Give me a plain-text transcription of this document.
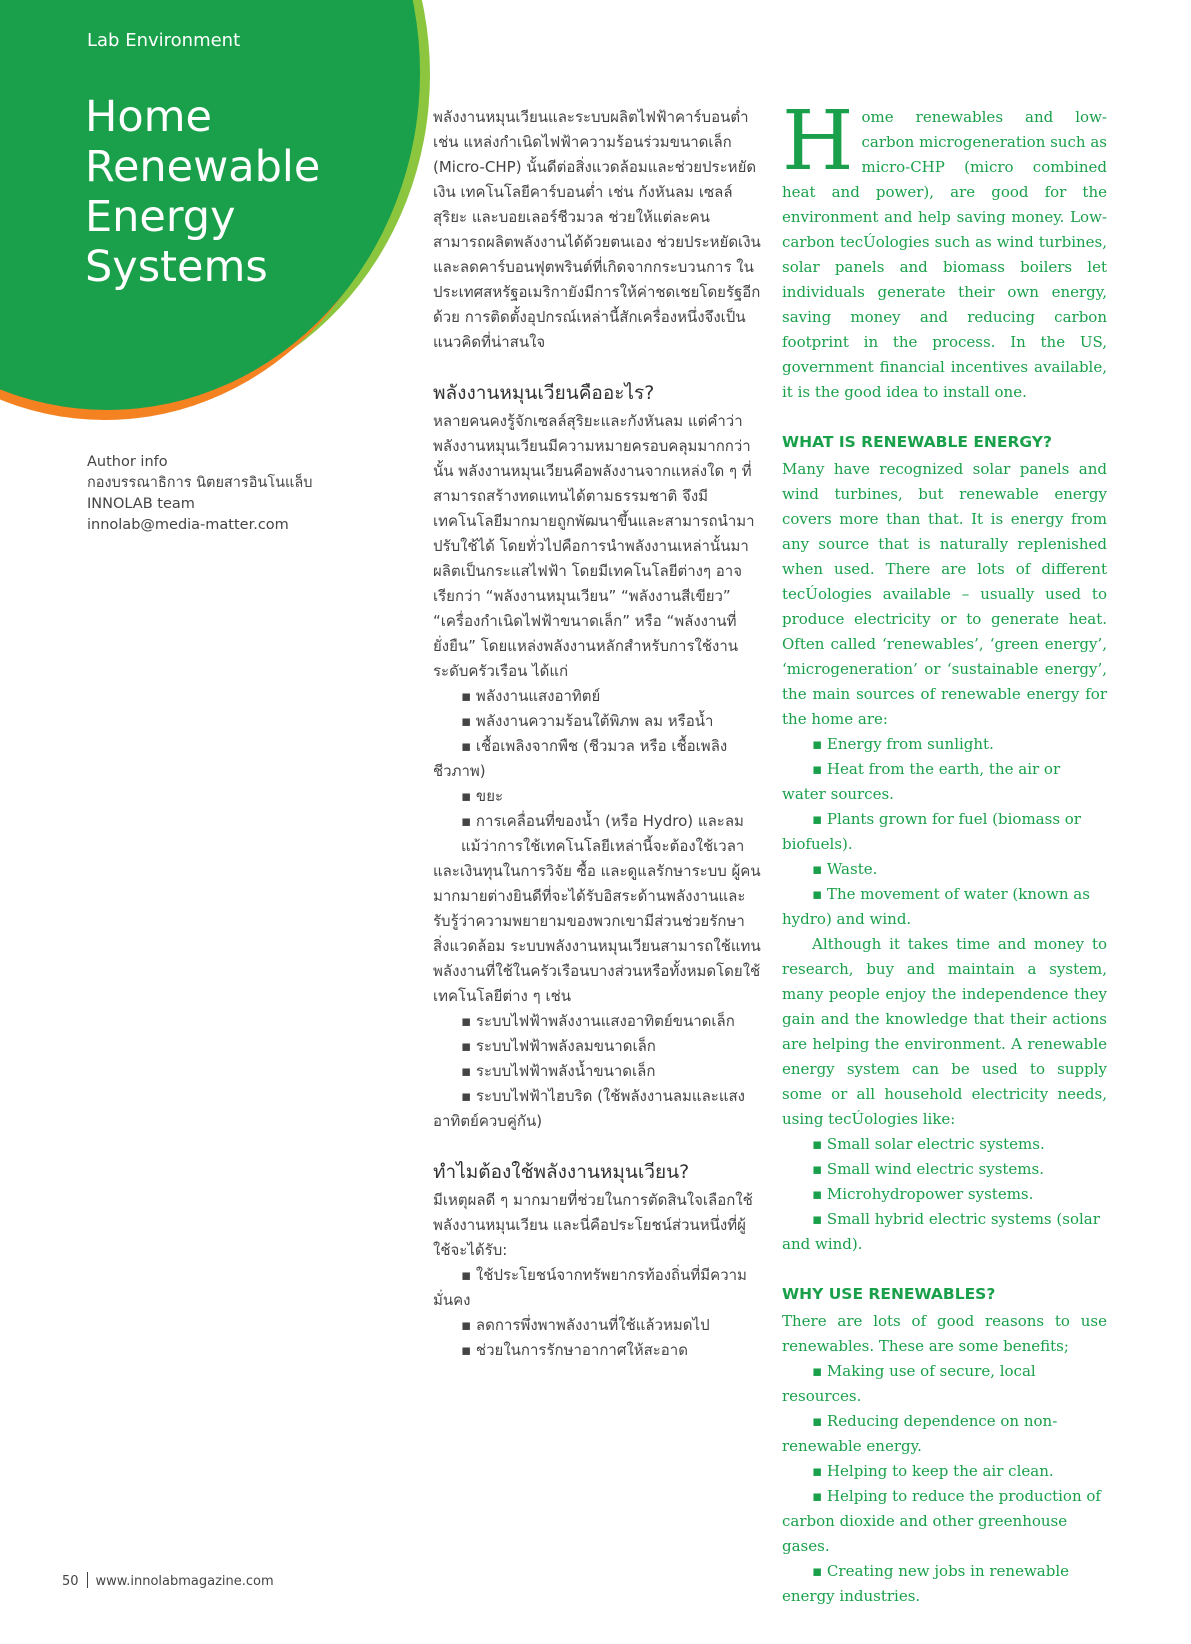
Lab Environment
Home
Renewable
Energy
Systems
Author info
กองบรรณาธิการ นิตยสารอินโนแล็บ
INNOLAB team
innolab@media-matter.com

พลังงานหมุนเวียนและระบบผลิตไฟฟ้าคาร์บอนต่ำ เช่น แหล่งกำเนิดไฟฟ้าความร้อนร่วมขนาดเล็ก (Micro-CHP) นั้นดีต่อสิ่งแวดล้อมและช่วยประหยัดเงิน เทคโนโลยีคาร์บอนต่ำ เช่น กังหันลม เซลล์สุริยะ และบอยเลอร์ชีวมวล ช่วยให้แต่ละคนสามารถผลิตพลังงานได้ด้วยตนเอง ช่วยประหยัดเงิน และลดคาร์บอนฟุตพรินต์ที่เกิดจากกระบวนการ ในประเทศสหรัฐอเมริกายังมีการให้ค่าชดเชยโดยรัฐอีกด้วย การติดตั้งอุปกรณ์เหล่านี้สักเครื่องหนึ่งจึงเป็นแนวคิดที่น่าสนใจ

พลังงานหมุนเวียนคืออะไร?

หลายคนคงรู้จักเซลล์สุริยะและกังหันลม แต่คำว่าพลังงานหมุนเวียนมีความหมายครอบคลุมมากกว่านั้น พลังงานหมุนเวียนคือพลังงานจากแหล่งใด ๆ ที่สามารถสร้างทดแทนได้ตามธรรมชาติ จึงมีเทคโนโลยีมากมายถูกพัฒนาขึ้นและสามารถนำมาปรับใช้ได้ โดยทั่วไปคือการนำพลังงานเหล่านั้นมาผลิตเป็นกระแสไฟฟ้า โดยมีเทคโนโลยีต่างๆ อาจเรียกว่า “พลังงานหมุนเวียน” “พลังงานสีเขียว” “เครื่องกำเนิดไฟฟ้าขนาดเล็ก” หรือ “พลังงานที่ยั่งยืน” โดยแหล่งพลังงานหลักสำหรับการใช้งานระดับครัวเรือน ได้แก่

▪ พลังงานแสงอาทิตย์
▪ พลังงานความร้อนใต้พิภพ ลม หรือน้ำ
▪ เชื้อเพลิงจากพืช (ชีวมวล หรือ เชื้อเพลิงชีวภาพ)
▪ ขยะ
▪ การเคลื่อนที่ของน้ำ (หรือ Hydro) และลม

แม้ว่าการใช้เทคโนโลยีเหล่านี้จะต้องใช้เวลาและเงินทุนในการวิจัย ซื้อ และดูแลรักษาระบบ ผู้คนมากมายต่างยินดีที่จะได้รับอิสระด้านพลังงานและรับรู้ว่าความพยายามของพวกเขามีส่วนช่วยรักษาสิ่งแวดล้อม ระบบพลังงานหมุนเวียนสามารถใช้แทนพลังงานที่ใช้ในครัวเรือนบางส่วนหรือทั้งหมดโดยใช้เทคโนโลยีต่าง ๆ เช่น

▪ ระบบไฟฟ้าพลังงานแสงอาทิตย์ขนาดเล็ก
▪ ระบบไฟฟ้าพลังลมขนาดเล็ก
▪ ระบบไฟฟ้าพลังน้ำขนาดเล็ก
▪ ระบบไฟฟ้าไฮบริด (ใช้พลังงานลมและแสงอาทิตย์ควบคู่กัน)
ทำไมต้องใช้พลังงานหมุนเวียน?

มีเหตุผลดี ๆ มากมายที่ช่วยในการตัดสินใจเลือกใช้พลังงานหมุนเวียน และนี่คือประโยชน์ส่วนหนึ่งที่ผู้ใช้จะได้รับ:

▪ ใช้ประโยชน์จากทรัพยากรท้องถิ่นที่มีความมั่นคง
▪ ลดการพึ่งพาพลังงานที่ใช้แล้วหมดไป
▪ ช่วยในการรักษาอากาศให้สะอาด

Home renewables and low-carbon microgeneration such as micro-CHP (micro combined heat and power), are good for the environment and help saving money. Low-carbon tecÚologies such as wind turbines, solar panels and biomass boilers let individuals generate their own energy, saving money and reducing carbon footprint in the process. In the US, government financial incentives available, it is the good idea to install one.

WHAT IS RENEWABLE ENERGY?

Many have recognized solar panels and wind turbines, but renewable energy covers more than that. It is energy from any source that is naturally replenished when used. There are lots of different tecÚologies available – usually used to produce electricity or to generate heat. Often called ‘renewables’, ‘green energy’, ‘microgeneration’ or ‘sustainable energy’, the main sources of renewable energy for the home are:

▪ Energy from sunlight.
▪ Heat from the earth, the air or water sources.
▪ Plants grown for fuel (biomass or biofuels).
▪ Waste.
▪ The movement of water (known as hydro) and wind.

Although it takes time and money to research, buy and maintain a system, many people enjoy the independence they gain and the knowledge that their actions are helping the environment. A renewable energy system can be used to supply some or all household electricity needs, using tecÚologies like:

▪ Small solar electric systems.
▪ Small wind electric systems.
▪ Microhydropower systems.
▪ Small hybrid electric systems (solar and wind).
WHY USE RENEWABLES?

There are lots of good reasons to use renewables. These are some benefits;

▪ Making use of secure, local resources.
▪ Reducing dependence on non-renewable energy.
▪ Helping to keep the air clean.
▪ Helping to reduce the production of carbon dioxide and other greenhouse gases.
▪ Creating new jobs in renewable energy industries.
50 www.innolabmagazine.com
